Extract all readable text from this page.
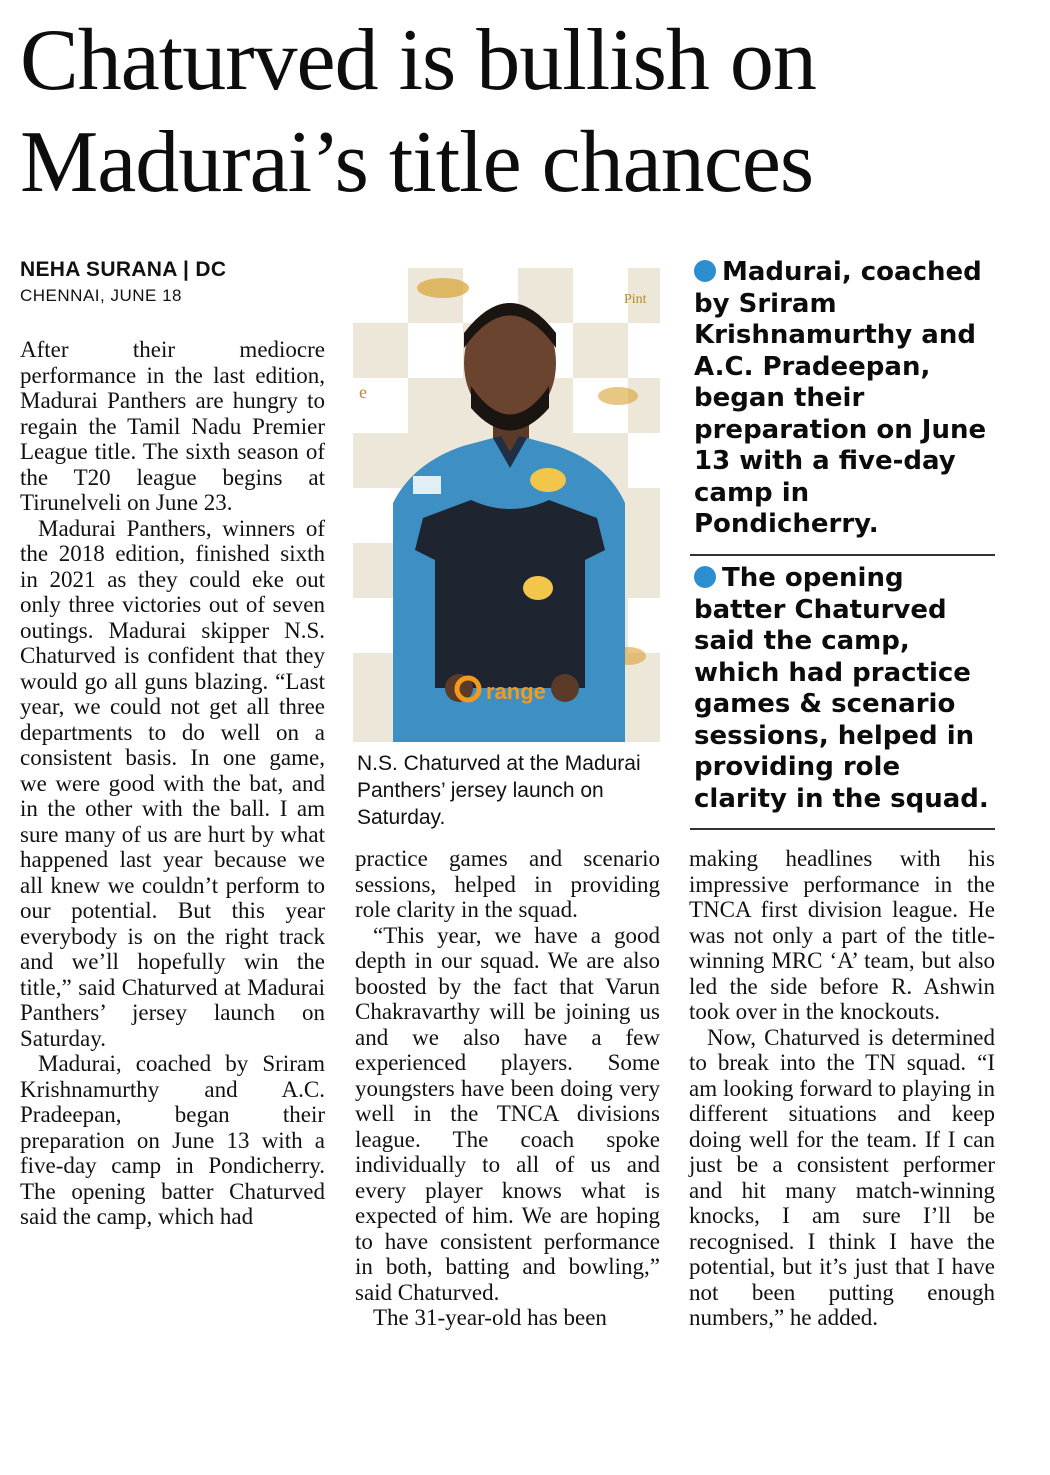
Chaturved is bullish on
Madurai’s title chances
NEHA SURANA | DC
CHENNAI, JUNE 18

After their mediocre performance in the last edition, Madurai Panthers are hungry to regain the Tamil Nadu Premier League title. The sixth season of the T20 league begins at Tirunelveli on June 23.

Madurai Panthers, winners of the 2018 edition, finished sixth in 2021 as they could eke out only three victories out of seven outings. Madurai skipper N.S. Chaturved is confident that they would go all guns blazing. “Last year, we could not get all three departments to do well on a consistent basis. In one game, we were good with the bat, and in the other with the ball. I am sure many of us are hurt by what happened last year because we all knew we couldn’t perform to our potential. But this year everybody is on the right track and we’ll hopefully win the title,” said Chaturved at Madurai Panthers’ jersey launch on Saturday.

Madurai, coached by Sriram Krishnamurthy and A.C. Pradeepan, began their preparation on June 13 with a five-day camp in Pondicherry. The opening batter Chaturved said the camp, which had

Pint
e
range
N.S. Chaturved at the Madurai Panthers’ jersey launch on Saturday.
Madurai, coached by Sriram Krishnamurthy and A.C. Pradeepan, began their preparation on June 13 with a five-day camp in Pondicherry.
The opening batter Chaturved said the camp, which had practice games & scenario sessions, helped in providing role clarity in the squad.

practice games and scenario sessions, helped in providing role clarity in the squad.

“This year, we have a good depth in our squad. We are also boosted by the fact that Varun Chakravarthy will be joining us and we also have a few experienced players. Some youngsters have been doing very well in the TNCA divisions league. The coach spoke individually to all of us and every player knows what is expected of him. We are hoping to have consistent performance in both, batting and bowling,” said Chaturved.

The 31-year-old has been

making headlines with his impressive performance in the TNCA first division league. He was not only a part of the title-winning MRC ‘A’ team, but also led the side before R. Ashwin took over in the knockouts.

Now, Chaturved is determined to break into the TN squad. “I am looking forward to playing in different situations and keep doing well for the team. If I can just be a consistent performer and hit many match-winning knocks, I am sure I’ll be recognised. I think I have the potential, but it’s just that I have not been putting enough numbers,” he added.
